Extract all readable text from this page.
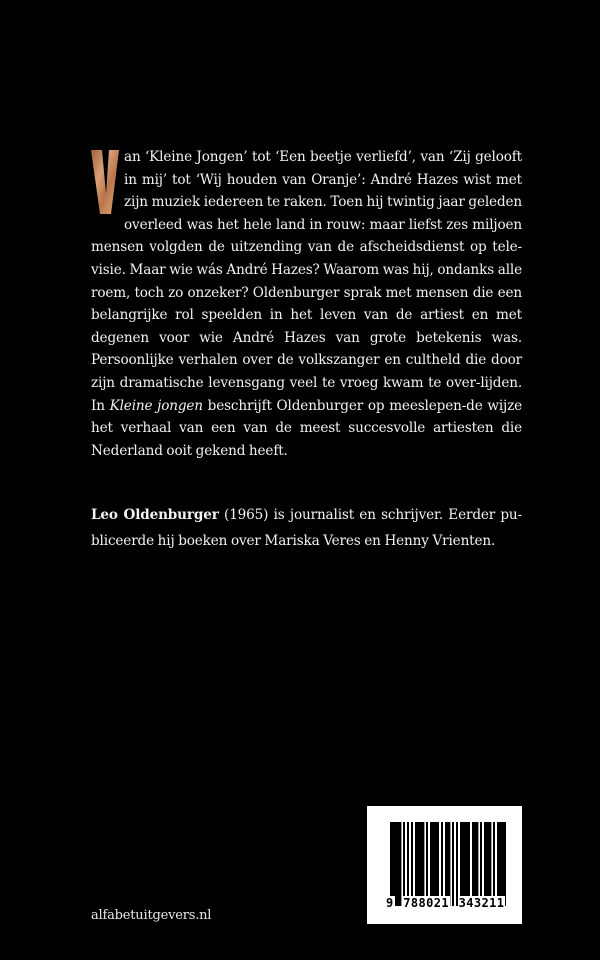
an ‘Kleine Jongen’ tot ‘Een beetje verliefd’, van ‘Zij gelooft in mij’ tot ‘Wij houden van Oranje’: André Hazes wist met zijn muziek iedereen te raken. Toen hij twintig jaar geleden overleed was het hele land in rouw: maar liefst zes miljoen mensen volgden de uitzending van de afscheidsdienst op tele-visie. Maar wie wás André Hazes? Waarom was hij, ondanks alle roem, toch zo onzeker? Oldenburger sprak met mensen die een belangrijke rol speelden in het leven van de artiest en met degenen voor wie André Hazes van grote betekenis was. Persoonlijke verhalen over de volkszanger en cultheld die door zijn dramatische levensgang veel te vroeg kwam te over-lijden. In Kleine jongen beschrijft Oldenburger op meeslepen-de wijze het verhaal van een van de meest succesvolle artiesten die Nederland ooit gekend heeft.

Leo Oldenburger (1965) is journalist en schrijver. Eerder pu-bliceerde hij boeken over Mariska Veres en Henny Vrienten.

alfabetuitgevers.nl
9 788021 343211
